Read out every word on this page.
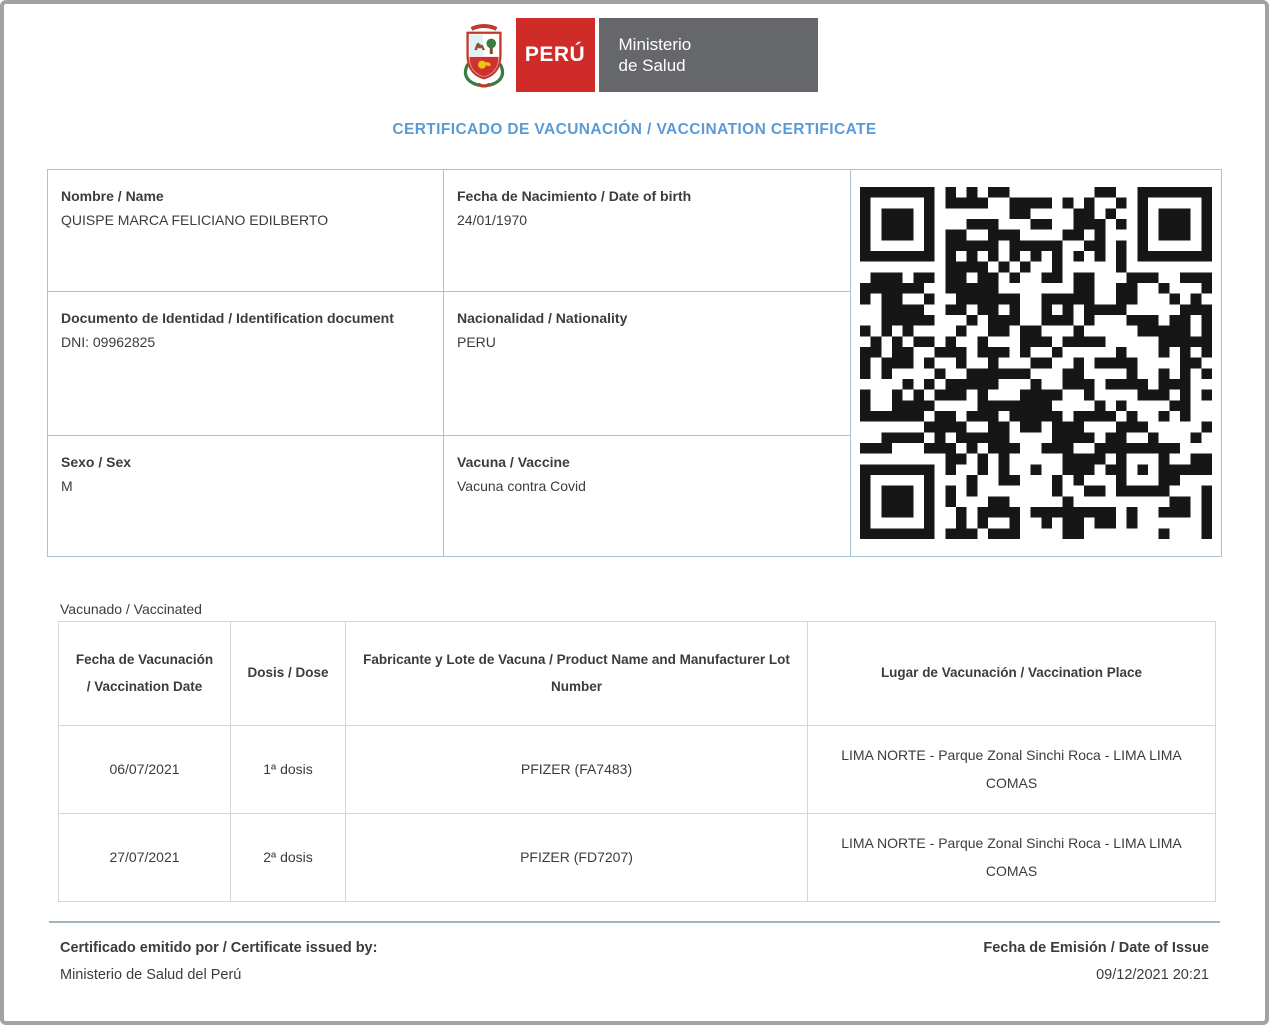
PERÚ Ministerio
de Salud
CERTIFICADO DE VACUNACIÓN / VACCINATION CERTIFICATE
Nombre / Name
QUISPE MARCA FELICIANO EDILBERTO
Fecha de Nacimiento / Date of birth
24/01/1970
Documento de Identidad / Identification document
DNI: 09962825
Nacionalidad / Nationality
PERU
Sexo / Sex
M
Vacuna / Vaccine
Vacuna contra Covid
Vacunado / Vaccinated
Fecha de Vacunación / Vaccination Date	Dosis / Dose	Fabricante y Lote de Vacuna / Product Name and Manufacturer Lot Number	Lugar de Vacunación / Vaccination Place
06/07/2021	1ª dosis	PFIZER (FA7483)	LIMA NORTE - Parque Zonal Sinchi Roca - LIMA LIMA COMAS
27/07/2021	2ª dosis	PFIZER (FD7207)	LIMA NORTE - Parque Zonal Sinchi Roca - LIMA LIMA COMAS
Certificado emitido por / Certificate issued by:
Ministerio de Salud del Perú
Fecha de Emisión / Date of Issue
09/12/2021 20:21
